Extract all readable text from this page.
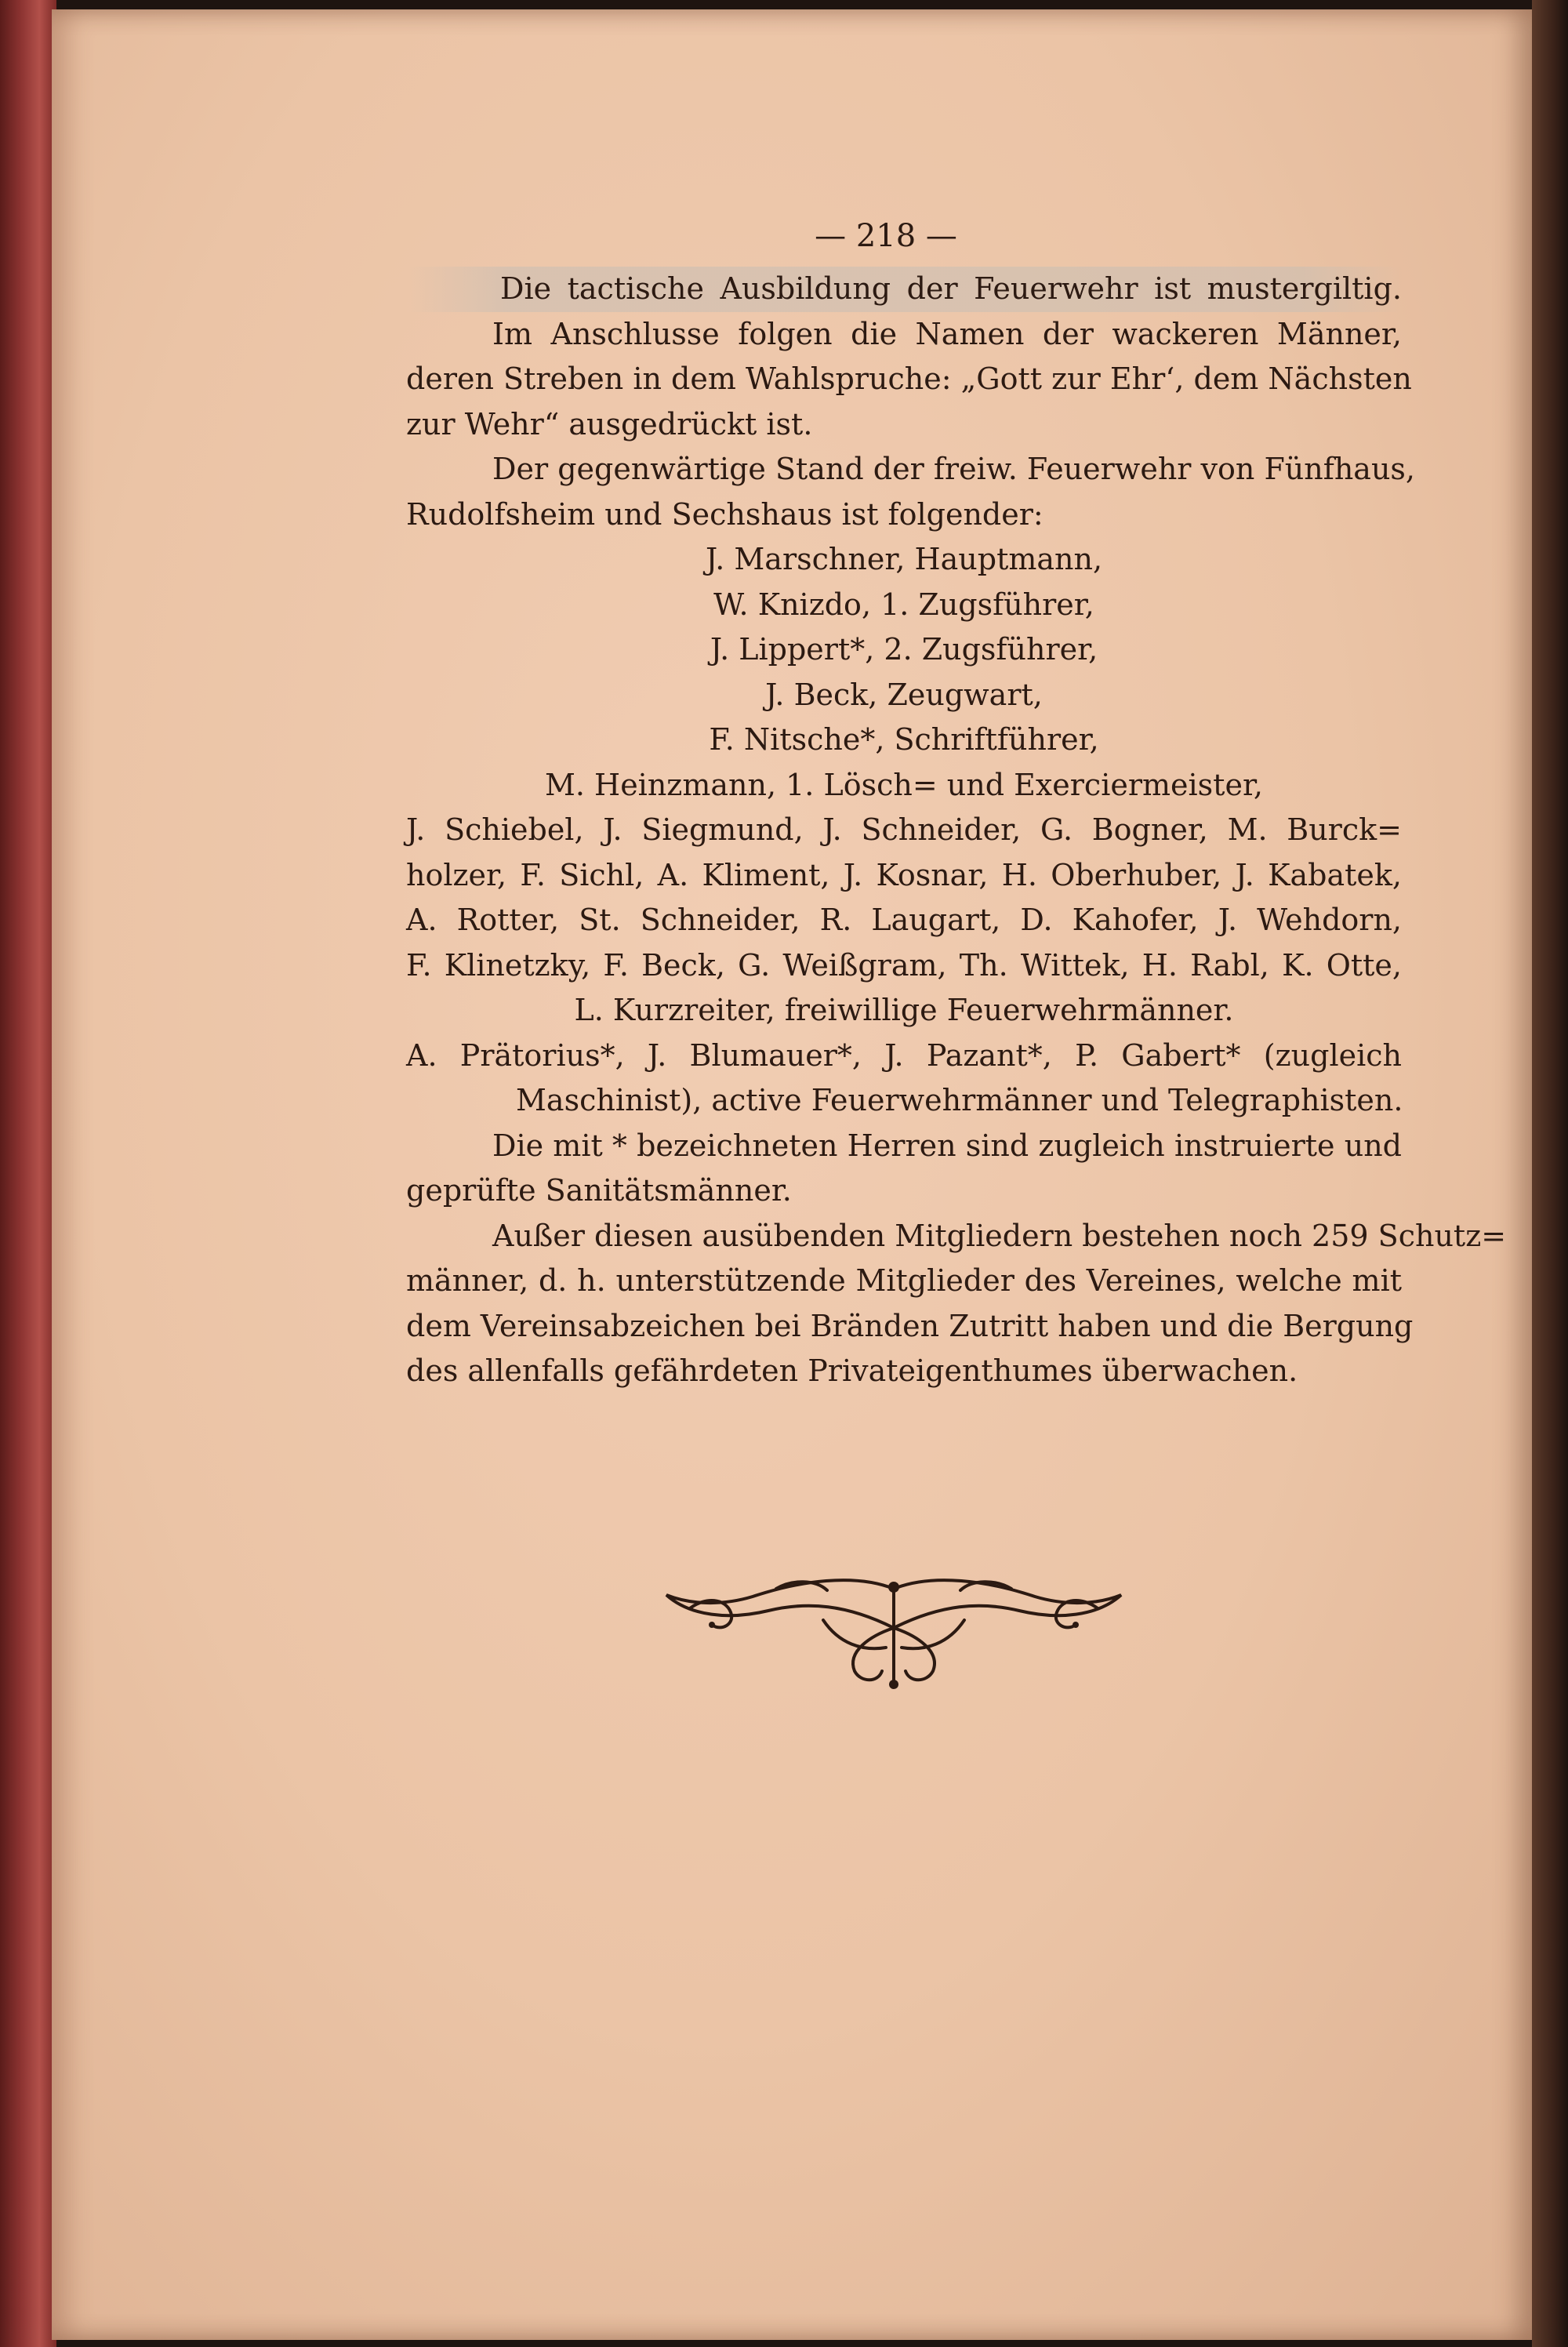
— 218 —

Die tactische Ausbildung der Feuerwehr ist mustergiltig.

Im Anschlusse folgen die Namen der wackeren Männer,

deren Streben in dem Wahlspruche: „Gott zur Ehr‘, dem Nächsten

zur Wehr“ ausgedrückt ist.

Der gegenwärtige Stand der freiw. Feuerwehr von Fünfhaus,

Rudolfsheim und Sechshaus ist folgender:

J. Marschner, Hauptmann,

W. Knizdo, 1. Zugsführer,

J. Lippert*, 2. Zugsführer,

J. Beck, Zeugwart,

F. Nitsche*, Schriftführer,

M. Heinzmann, 1. Lösch= und Exerciermeister,

J. Schiebel, J. Siegmund, J. Schneider, G. Bogner, M. Burck=

holzer, F. Sichl, A. Kliment, J. Kosnar, H. Oberhuber, J. Kabatek,

A. Rotter, St. Schneider, R. Laugart, D. Kahofer, J. Wehdorn,

F. Klinetzky, F. Beck, G. Weißgram, Th. Wittek, H. Rabl, K. Otte,

L. Kurzreiter, freiwillige Feuerwehrmänner.

A. Prätorius*, J. Blumauer*, J. Pazant*, P. Gabert* (zugleich

Maschinist), active Feuerwehrmänner und Telegraphisten.

Die mit * bezeichneten Herren sind zugleich instruierte und

geprüfte Sanitätsmänner.

Außer diesen ausübenden Mitgliedern bestehen noch 259 Schutz=

männer, d. h. unterstützende Mitglieder des Vereines, welche mit

dem Vereinsabzeichen bei Bränden Zutritt haben und die Bergung

des allenfalls gefährdeten Privateigenthumes überwachen.
